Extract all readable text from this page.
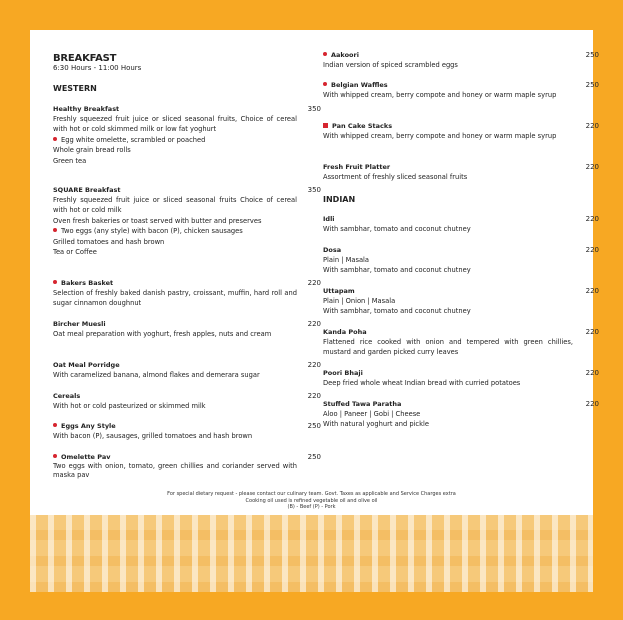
BREAKFAST
6:30 Hours - 11:00 Hours
WESTERN
Healthy Breakfast	350
Freshly squeezed fruit juice or sliced seasonal fruits, Choice of cereal with hot or cold skimmed milk or low fat yoghurt
Egg white omelette, scrambled or poached
Whole grain bread rolls
Green tea
SQUARE Breakfast	350
Freshly squeezed fruit juice or sliced seasonal fruits Choice of cereal with hot or cold milk
Oven fresh bakeries or toast served with butter and preserves
Two eggs (any style) with bacon (P), chicken sausages
Grilled tomatoes and hash brown
Tea or Coffee
Bakers Basket	220
Selection of freshly baked danish pastry, croissant, muffin, hard roll and sugar cinnamon doughnut
Bircher Muesli	220
Oat meal preparation with yoghurt, fresh apples, nuts and cream
Oat Meal Porridge	220
With caramelized banana, almond flakes and demerara sugar
Cereals	220
With hot or cold pasteurized or skimmed milk
Eggs Any Style	250
With bacon (P), sausages, grilled tomatoes and hash brown
Omelette Pav	250
Two eggs with onion, tomato, green chillies and coriander served with maska pav
Aakoori	250
Indian version of spiced scrambled eggs
Belgian Waffles	250
With whipped cream, berry compote and honey or warm maple syrup
Pan Cake Stacks	220
With whipped cream, berry compote and honey or warm maple syrup
Fresh Fruit Platter	220
Assortment of freshly sliced seasonal fruits
INDIAN
Idli	220
With sambhar, tomato and coconut chutney
Dosa	220
Plain | Masala
With sambhar, tomato and coconut chutney
Uttapam	220
Plain | Onion | Masala
With sambhar, tomato and coconut chutney
Kanda Poha	220
Flattened rice cooked with onion and tempered with green chillies, mustard and garden picked curry leaves
Poori Bhaji	220
Deep fried whole wheat Indian bread with curried potatoes
Stuffed Tawa Paratha	220
Aloo | Paneer | Gobi | Cheese
With natural yoghurt and pickle
For special dietary request - please contact our culinary team. Govt. Taxes as applicable and Service Charges extra
Cooking oil used is refined vegetable oil and olive oil
(B) - Beef (P) - Pork
